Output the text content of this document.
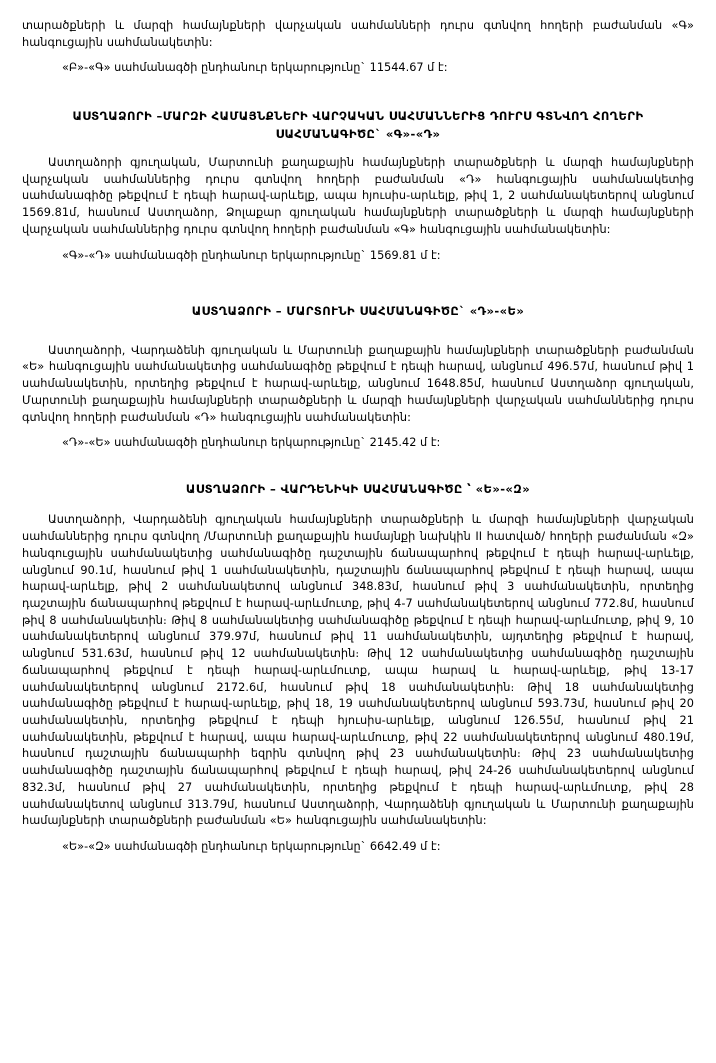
տարածքների և մարզի համայնքների վարչական սահմանների դուրս գտնվող հողերի բաժանման «Գ» հանգուցային սահմանակետին:

«Բ»-«Գ» սահմանագծի ընդհանուր երկարությունը` 11544.67 մ է:

ԱՍՏՂԱՁՈՐԻ –ՄԱՐԶԻ ՀԱՄԱՅՆՔՆԵՐԻ ՎԱՐՉԱԿԱՆ ՍԱՀՄԱՆՆԵՐԻՑ ԴՈՒՐՍ ԳՏՆՎՈՂ ՀՈՂԵՐԻ ՍԱՀՄԱՆԱԳԻԾԸ` «Գ»-«Դ»

Աստղաձորի գյուղական, Մարտունի քաղաքային համայնքների տարածքների և մարզի համայնքների վարչական սահմաններից դուրս գտնվող հողերի բաժանման «Դ» հանգուցային սահմանակետից սահմանագիծը թեքվում է դեպի հարավ-արևելք, ապա հյուսիս-արևելք, թիվ 1, 2 սահմանակետերով անցնում 1569.81մ, հասնում Աստղաձոր, Ձոլաքար գյուղական համայնքների տարածքների և մարզի համայնքների վարչական սահմաններից դուրս գտնվող հողերի բաժանման «Գ» հանգուցային սահմանակետին:

«Գ»-«Դ» սահմանագծի ընդհանուր երկարությունը` 1569.81 մ է:

ԱՍՏՂԱՁՈՐԻ – ՄԱՐՏՈՒՆԻ ՍԱՀՄԱՆԱԳԻԾԸ` «Դ»-«Ե»

Աստղաձորի, Վարդաձենի գյուղական և Մարտունի քաղաքային համայնքների տարածքների բաժանման «Ե» հանգուցային սահմանակետից սահմանագիծը թեքվում է դեպի հարավ, անցնում 496.57մ, հասնում թիվ 1 սահմանակետին, որտեղից թեքվում է հարավ-արևելք, անցնում 1648.85մ, հասնում Աստղաձոր գյուղական, Մարտունի քաղաքային համայնքների տարածքների և մարզի համայնքների վարչական սահմաններից դուրս գտնվող հողերի բաժանման «Դ» հանգուցային սահմանակետին:

«Դ»-«Ե» սահմանագծի ընդհանուր երկարությունը` 2145.42 մ է:

ԱՍՏՂԱՁՈՐԻ – ՎԱՐԴԵՆԻԿԻ ՍԱՀՄԱՆԱԳԻԾԸ ՝ «Ե»-«Զ»

Աստղաձորի, Վարդաձենի գյուղական համայնքների տարածքների և մարզի համայնքների վարչական սահմաններից դուրս գտնվող /Մարտունի քաղաքային համայնքի նախկին II հատված/ հողերի բաժանման «Զ» հանգուցային սահմանակետից սահմանագիծը դաշտային ճանապարհով թեքվում է դեպի հարավ-արևելք, անցնում 90.1մ, հասնում թիվ 1 սահմանակետին, դաշտային ճանապարհով թեքվում է դեպի հարավ, ապա հարավ-արևելք, թիվ 2 սահմանակետով անցնում 348.83մ, հասնում թիվ 3 սահմանակետին, որտեղից դաշտային ճանապարհով թեքվում է հարավ-արևմուտք, թիվ 4-7 սահմանակետերով անցնում 772.8մ, հասնում թիվ 8 սահմանակետին։ Թիվ 8 սահմանակետից սահմանագիծը թեքվում է դեպի հարավ-արևմուտք, թիվ 9, 10 սահմանակետերով անցնում 379.97մ, հասնում թիվ 11 սահմանակետին, այդտեղից թեքվում է հարավ, անցնում 531.63մ, հասնում թիվ 12 սահմանակետին։ Թիվ 12 սահմանակետից սահմանագիծը դաշտային ճանապարհով թեքվում է դեպի հարավ-արևմուտք, ապա հարավ և հարավ-արևելք, թիվ 13-17 սահմանակետերով անցնում 2172.6մ, հասնում թիվ 18 սահմանակետին։ Թիվ 18 սահմանակետից սահմանագիծը թեքվում է հարավ-արևելք, թիվ 18, 19 սահմանակետերով անցնում 593.73մ, հասնում թիվ 20 սահմանակետին, որտեղից թեքվում է դեպի հյուսիս-արևելք, անցնում 126.55մ, հասնում թիվ 21 սահմանակետին, թեքվում է հարավ, ապա հարավ-արևմուտք, թիվ 22 սահմանակետերով անցնում 480.19մ, հասնում դաշտային ճանապարհի եզրին գտնվող թիվ 23 սահմանակետին։ Թիվ 23 սահմանակետից սահմանագիծը դաշտային ճանապարհով թեքվում է դեպի հարավ, թիվ 24-26 սահմանակետերով անցնում 832.3մ, հասնում թիվ 27 սահմանակետին, որտեղից թեքվում է դեպի հարավ-արևմուտք, թիվ 28 սահմանակետով անցնում 313.79մ, հասնում Աստղաձորի, Վարդաձենի գյուղական և Մարտունի քաղաքային համայնքների տարածքների բաժանման «Ե» հանգուցային սահմանակետին:

«Ե»-«Զ» սահմանագծի ընդհանուր երկարությունը` 6642.49 մ է:
